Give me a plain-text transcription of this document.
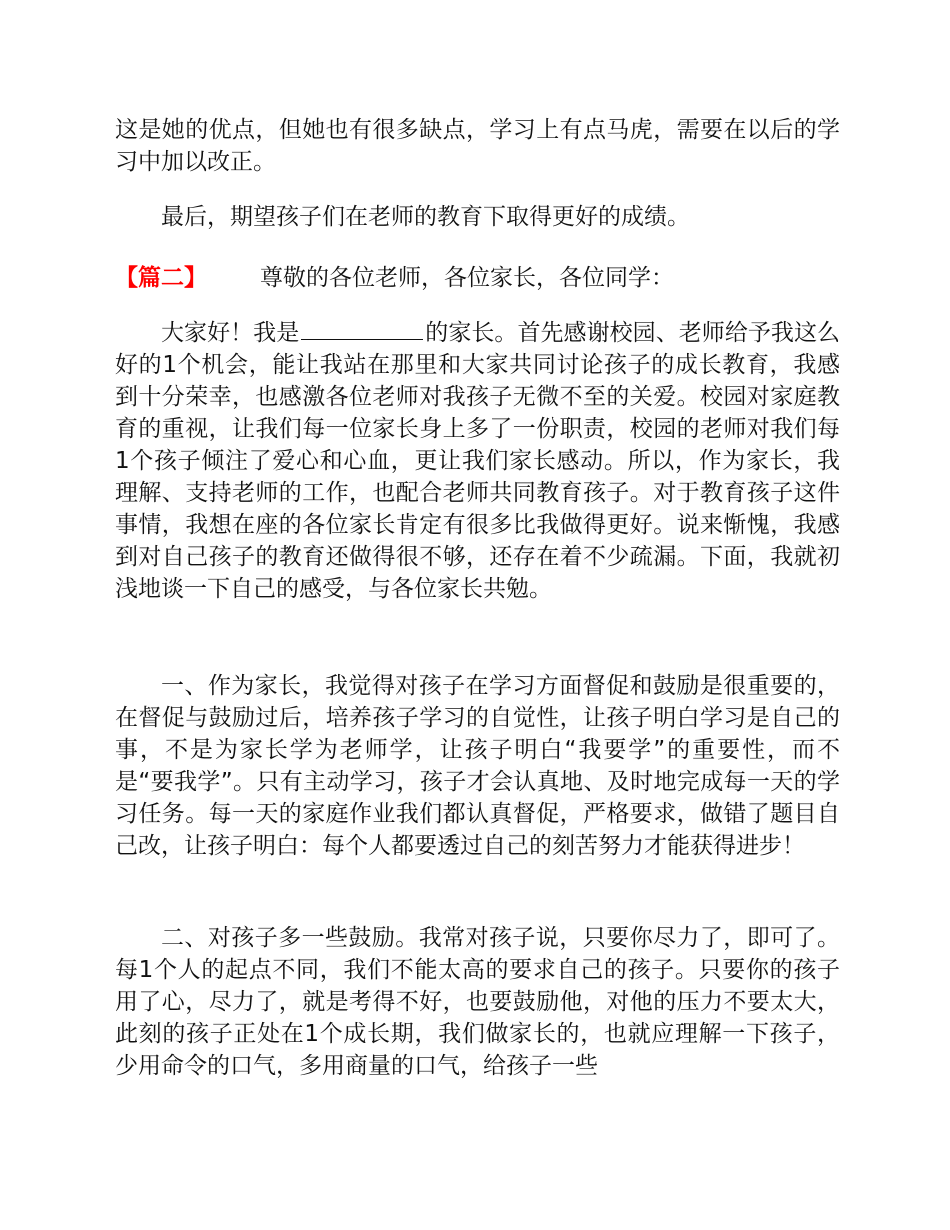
这是她的优点，但她也有很多缺点，学习上有点马虎，需要在以后的学习中加以改正。

最后，期望孩子们在老师的教育下取得更好的成绩。

【篇二】 尊敬的各位老师，各位家长，各位同学：

大家好！我是	的家长。首先感谢校园、老师给予我这么好的1个机会，能让我站在那里和大家共同讨论孩子的成长教育，我感到十分荣幸，也感激各位老师对我孩子无微不至的关爱。校园对家庭教育的重视，让我们每一位家长身上多了一份职责，校园的老师对我们每1个孩子倾注了爱心和心血，更让我们家长感动。所以，作为家长，我理解、支持老师的工作，也配合老师共同教育孩子。对于教育孩子这件事情，我想在座的各位家长肯定有很多比我做得更好。说来惭愧，我感到对自己孩子的教育还做得很不够，还存在着不少疏漏。下面，我就初浅地谈一下自己的感受，与各位家长共勉。

一、作为家长，我觉得对孩子在学习方面督促和鼓励是很重要的，在督促与鼓励过后，培养孩子学习的自觉性，让孩子明白学习是自己的事，不是为家长学为老师学，让孩子明白“我要学”的重要性，而不是“要我学”。只有主动学习，孩子才会认真地、及时地完成每一天的学习任务。每一天的家庭作业我们都认真督促，严格要求，做错了题目自己改，让孩子明白：每个人都要透过自己的刻苦努力才能获得进步！

二、对孩子多一些鼓励。我常对孩子说，只要你尽力了，即可了。每1个人的起点不同，我们不能太高的要求自己的孩子。只要你的孩子用了心，尽力了，就是考得不好，也要鼓励他，对他的压力不要太大，此刻的孩子正处在1个成长期，我们做家长的，也就应理解一下孩子，少用命令的口气，多用商量的口气，给孩子一些
